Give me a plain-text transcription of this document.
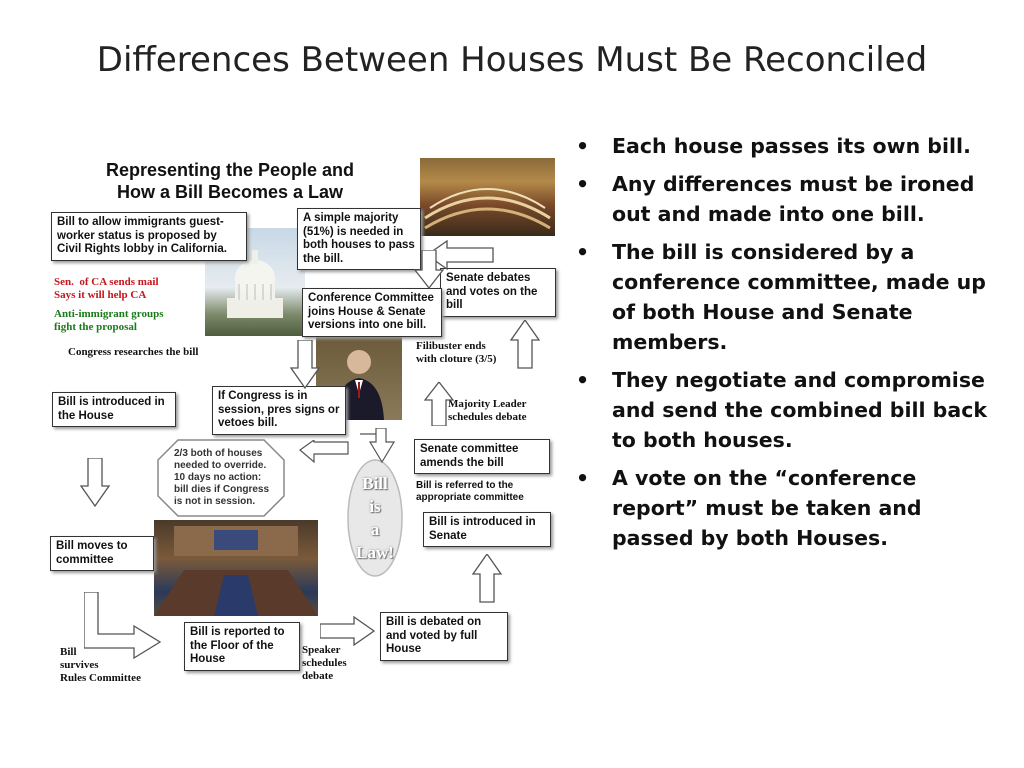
Differences Between Houses Must Be Reconciled
• Each house passes its own bill.
• Any differences must be ironed out and made into one bill.
• The bill is considered by a conference committee, made up of both House and Senate members.
• They negotiate and compromise and send the combined bill back to both houses.
• A vote on the “conference report” must be taken and passed by both Houses.
Representing the People and
How a Bill Becomes a Law
Bill to allow immigrants guest-worker status is proposed by Civil Rights lobby in California.
Sen.  of CA sends mail
Says it will help CA
Anti-immigrant groups
fight the proposal
Congress researches the bill
A simple majority (51%) is needed in both houses to pass the bill.
Senate debates and votes on the bill
Conference Committee joins House & Senate versions into one bill.
Filibuster ends
with cloture (3/5)
Bill is introduced in the House
If Congress is in session, pres signs or vetoes bill.
Majority Leader
schedules debate
2/3 both of houses needed to override. 10 days no action: bill dies if Congress is not in session.
Bill
is
a
Law!
Senate committee amends the bill
Bill is referred to the
appropriate committee
Bill is introduced in Senate
Bill moves to committee
Bill is reported to the Floor of the House
Bill is debated on and voted by full House
Speaker
schedules
debate
Bill
survives
Rules Committee
